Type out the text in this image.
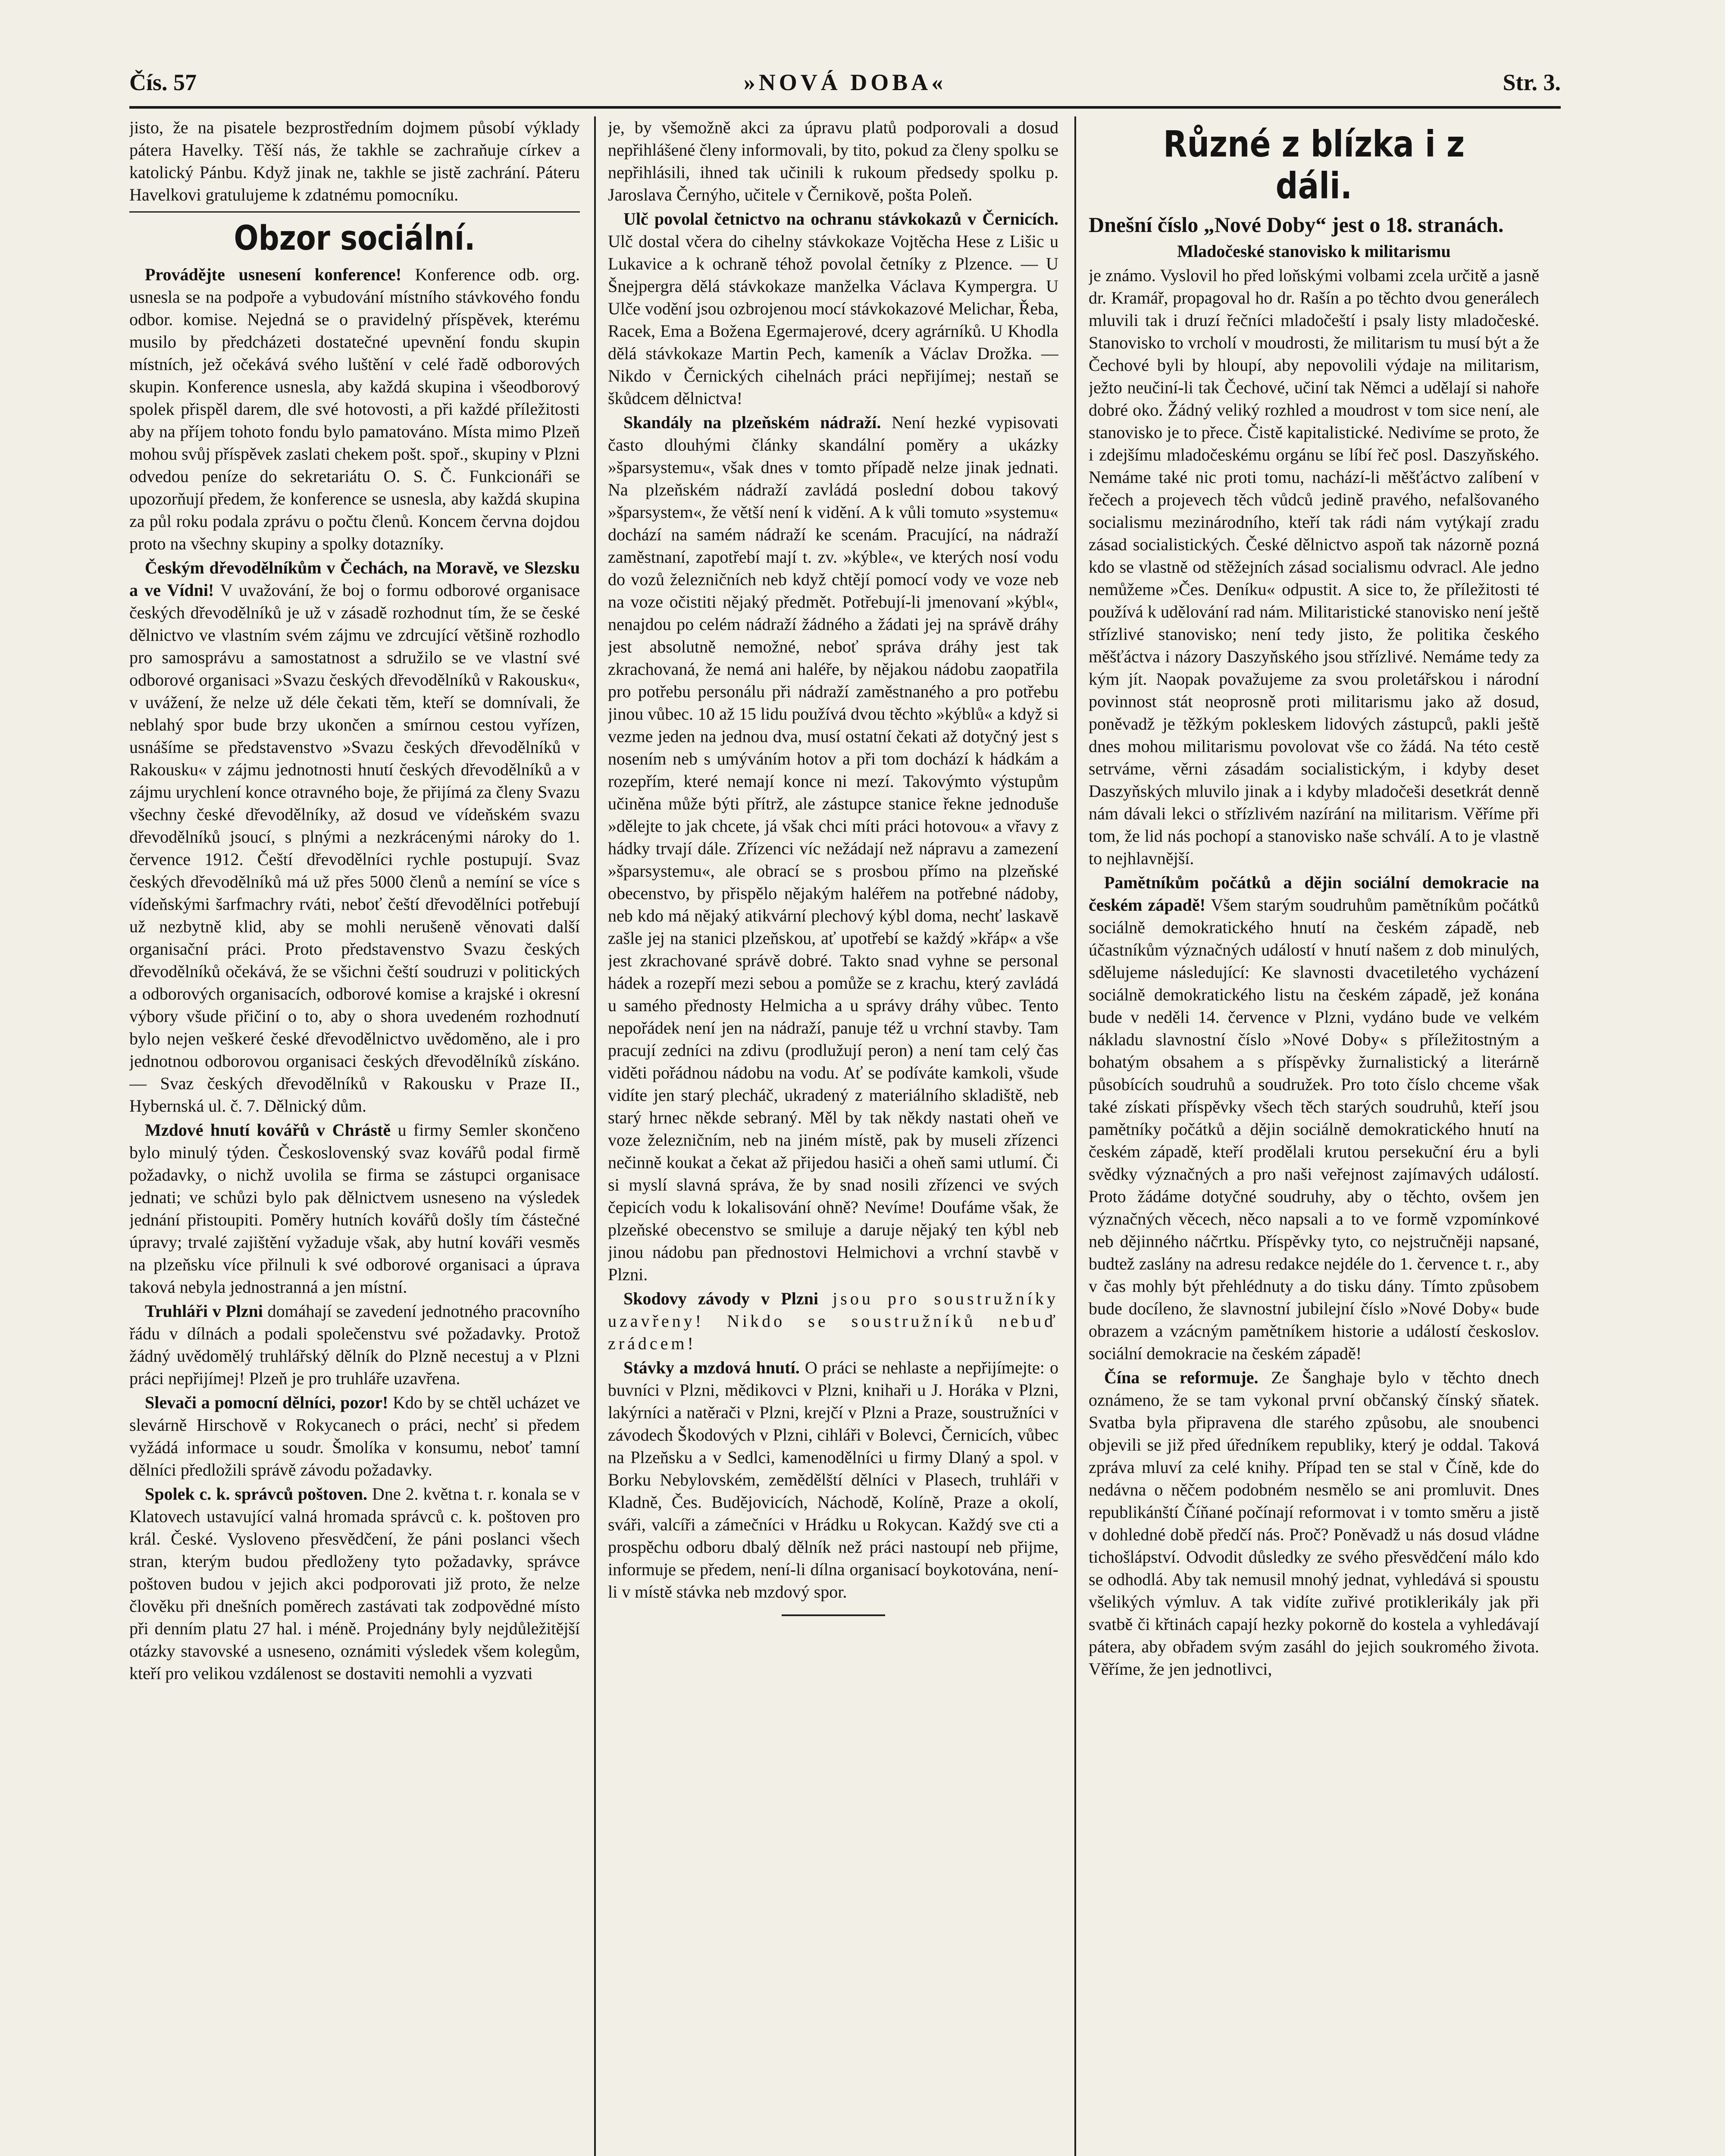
Čís. 57	»NOVÁ DOBA«	Str. 3.

jisto, že na pisatele bezprostředním dojmem působí výklady pátera Havelky. Těší nás, že takhle se zachraňuje církev a katolický Pánbu. Když jinak ne, takhle se jistě zachrání. Páteru Havelkovi gratulujeme k zdatnému pomocníku.

Obzor sociální.

Provádějte usnesení konference! Konference odb. org. usnesla se na podpoře a vybudování místního stávkového fondu odbor. komise. Nejedná se o pravidelný příspěvek, kterému musilo by předcházeti dostatečné upevnění fondu skupin místních, jež očekává svého luštění v celé řadě odborových skupin. Konference usnesla, aby každá skupina i všeodborový spolek přispěl darem, dle své hotovosti, a při každé příležitosti aby na příjem tohoto fondu bylo pamatováno. Místa mimo Plzeň mohou svůj příspěvek zaslati chekem pošt. spoř., skupiny v Plzni odvedou peníze do sekretariátu O. S. Č. Funkcionáři se upozorňují předem, že konference se usnesla, aby každá skupina za půl roku podala zprávu o počtu členů. Koncem června dojdou proto na všechny skupiny a spolky dotazníky.

Českým dřevodělníkům v Čechách, na Moravě, ve Slezsku a ve Vídni! V uvažování, že boj o formu odborové organisace českých dřevodělníků je už v zásadě rozhodnut tím, že se české dělnictvo ve vlastním svém zájmu ve zdrcující většině rozhodlo pro samosprávu a samostatnost a sdružilo se ve vlastní své odborové organisaci »Svazu českých dřevodělníků v Rakousku«, v uvážení, že nelze už déle čekati těm, kteří se domnívali, že neblahý spor bude brzy ukončen a smírnou cestou vyřízen, usnášíme se představenstvo »Svazu českých dřevodělníků v Rakousku« v zájmu jednotnosti hnutí českých dřevodělníků a v zájmu urychlení konce otravného boje, že přijímá za členy Svazu všechny české dřevodělníky, až dosud ve vídeňském svazu dřevodělníků jsoucí, s plnými a nezkrácenými nároky do 1. července 1912. Čeští dřevodělníci rychle postupují. Svaz českých dřevodělníků má už přes 5000 členů a nemíní se více s vídeňskými šarfmachry rváti, neboť čeští dřevodělníci potřebují už nezbytně klid, aby se mohli nerušeně věnovati další organisační práci. Proto představenstvo Svazu českých dřevodělníků očekává, že se všichni čeští soudruzi v politických a odborových organisacích, odborové komise a krajské i okresní výbory všude přičiní o to, aby o shora uvedeném rozhodnutí bylo nejen veškeré české dřevodělnictvo uvědoměno, ale i pro jednotnou odborovou organisaci českých dřevodělníků získáno. — Svaz českých dřevodělníků v Rakousku v Praze II., Hybernská ul. č. 7. Dělnický dům.

Mzdové hnutí kovářů v Chrástě u firmy Semler skončeno bylo minulý týden. Československý svaz kovářů podal firmě požadavky, o nichž uvolila se firma se zástupci organisace jednati; ve schůzi bylo pak dělnictvem usneseno na výsledek jednání přistoupiti. Poměry hutních kovářů došly tím částečné úpravy; trvalé zajištění vyžaduje však, aby hutní kováři vesměs na plzeňsku více přilnuli k své odborové organisaci a úprava taková nebyla jednostranná a jen místní.

Truhláři v Plzni domáhají se zavedení jednotného pracovního řádu v dílnách a podali společenstvu své požadavky. Protož žádný uvědomělý truhlářský dělník do Plzně necestuj a v Plzni práci nepřijímej! Plzeň je pro truhláře uzavřena.

Slevači a pomocní dělníci, pozor! Kdo by se chtěl ucházet ve slevárně Hirschově v Rokycanech o práci, nechť si předem vyžádá informace u soudr. Šmolíka v konsumu, neboť tamní dělníci předložili správě závodu požadavky.

Spolek c. k. správců poštoven. Dne 2. května t. r. konala se v Klatovech ustavující valná hromada správců c. k. poštoven pro král. České. Vysloveno přesvědčení, že páni poslanci všech stran, kterým budou předloženy tyto požadavky, správce poštoven budou v jejich akci podporovati již proto, že nelze člověku při dnešních poměrech zastávati tak zodpovědné místo při denním platu 27 hal. i méně. Projednány byly nejdůležitější otázky stavovské a usneseno, oznámiti výsledek všem kolegům, kteří pro velikou vzdálenost se dostaviti nemohli a vyzvati

je, by všemožně akci za úpravu platů podporovali a dosud nepřihlášené členy informovali, by tito, pokud za členy spolku se nepřihlásili, ihned tak učinili k rukoum předsedy spolku p. Jaroslava Černýho, učitele v Černikově, pošta Poleň.

Ulč povolal četnictvo na ochranu stávkokazů v Černicích. Ulč dostal včera do cihelny stávkokaze Vojtěcha Hese z Lišic u Lukavice a k ochraně téhož povolal četníky z Plzence. — U Šnejpergra dělá stávkokaze manželka Václava Kympergra. U Ulče vodění jsou ozbrojenou mocí stávkokazové Melichar, Řeba, Racek, Ema a Božena Egermajerové, dcery agrárníků. U Khodla dělá stávkokaze Martin Pech, kameník a Václav Drožka. — Nikdo v Černických cihelnách práci nepřijímej; nestaň se škůdcem dělnictva!

Skandály na plzeňském nádraží. Není hezké vypisovati často dlouhými články skandální poměry a ukázky »šparsystemu«, však dnes v tomto případě nelze jinak jednati. Na plzeňském nádraží zavládá poslední dobou takový »šparsystem«, že větší není k vidění. A k vůli tomuto »systemu« dochází na samém nádraží ke scenám. Pracující, na nádraží zaměstnaní, zapotřebí mají t. zv. »kýble«, ve kterých nosí vodu do vozů železničních neb když chtějí pomocí vody ve voze neb na voze očistiti nějaký předmět. Potřebují-li jmenovaní »kýbl«, nenajdou po celém nádraží žádného a žádati jej na správě dráhy jest absolutně nemožné, neboť správa dráhy jest tak zkrachovaná, že nemá ani haléře, by nějakou nádobu zaopatřila pro potřebu personálu při nádraží zaměstnaného a pro potřebu jinou vůbec. 10 až 15 lidu používá dvou těchto »kýblů« a když si vezme jeden na jednou dva, musí ostatní čekati až dotyčný jest s nosením neb s umýváním hotov a při tom dochází k hádkám a rozepřím, které nemají konce ni mezí. Takovýmto výstupům učiněna může býti přítrž, ale zástupce stanice řekne jednoduše »dělejte to jak chcete, já však chci míti práci hotovou« a vřavy z hádky trvají dále. Zřízenci víc nežádají než nápravu a zamezení »šparsystemu«, ale obrací se s prosbou přímo na plzeňské obecenstvo, by přispělo nějakým haléřem na potřebné nádoby, neb kdo má nějaký atikvární plechový kýbl doma, nechť laskavě zašle jej na stanici plzeňskou, ať upotřebí se každý »křáp« a vše jest zkrachované správě dobré. Takto snad vyhne se personal hádek a rozepří mezi sebou a pomůže se z krachu, který zavládá u samého přednosty Helmicha a u správy dráhy vůbec. Tento nepořádek není jen na nádraží, panuje též u vrchní stavby. Tam pracují zedníci na zdivu (prodlužují peron) a není tam celý čas viděti pořádnou nádobu na vodu. Ať se podíváte kamkoli, všude vidíte jen starý plecháč, ukradený z materiálního skladiště, neb starý hrnec někde sebraný. Měl by tak někdy nastati oheň ve voze železničním, neb na jiném místě, pak by museli zřízenci nečinně koukat a čekat až přijedou hasiči a oheň sami utlumí. Či si myslí slavná správa, že by snad nosili zřízenci ve svých čepicích vodu k lokalisování ohně? Nevíme! Doufáme však, že plzeňské obecenstvo se smiluje a daruje nějaký ten kýbl neb jinou nádobu pan přednostovi Helmichovi a vrchní stavbě v Plzni.

Skodovy závody v Plzni jsou pro soustružníky uzavřeny! Nikdo se soustružníků nebuď zrádcem!

Stávky a mzdová hnutí. O práci se nehlaste a nepřijímejte: o buvníci v Plzni, mědikovci v Plzni, knihaři u J. Horáka v Plzni, lakýrníci a natěrači v Plzni, krejčí v Plzni a Praze, soustružníci v závodech Škodových v Plzni, cihláři v Bolevci, Černicích, vůbec na Plzeňsku a v Sedlci, kamenodělníci u firmy Dlaný a spol. v Borku Nebylovském, zemědělští dělníci v Plasech, truhláři v Kladně, Čes. Budějovicích, Náchodě, Kolíně, Praze a okolí, sváři, valcíři a zámečníci v Hrádku u Rokycan. Každý sve cti a prospěchu odboru dbalý dělník než práci nastoupí neb přijme, informuje se předem, není-li dílna organisací boykotována, není-li v místě stávka neb mzdový spor.

Různé z blízka i z dáli.

Dnešní číslo „Nové Doby“ jest o 18. stranách.

Mladočeské stanovisko k militarismu

je známo. Vyslovil ho před loňskými volbami zcela určitě a jasně dr. Kramář, propagoval ho dr. Rašín a po těchto dvou generálech mluvili tak i druzí řečníci mladočeští i psaly listy mladočeské. Stanovisko to vrcholí v moudrosti, že militarism tu musí být a že Čechové byli by hloupí, aby nepovolili výdaje na militarism, ježto neučiní-li tak Čechové, učiní tak Němci a udělají si nahoře dobré oko. Žádný veliký rozhled a moudrost v tom sice není, ale stanovisko je to přece. Čistě kapitalistické. Nedivíme se proto, že i zdejšímu mladočeskému orgánu se líbí řeč posl. Daszyňského. Nemáme také nic proti tomu, nachází-li měšťáctvo zalíbení v řečech a projevech těch vůdců jedině pravého, nefalšovaného socialismu mezinárodního, kteří tak rádi nám vytýkají zradu zásad socialistických. České dělnictvo aspoň tak názorně pozná kdo se vlastně od stěžejních zásad socialismu odvracl. Ale jedno nemůžeme »Čes. Deníku« odpustit. A sice to, že příležitosti té používá k udělování rad nám. Militaristické stanovisko není ještě střízlivé stanovisko; není tedy jisto, že politika českého měšťáctva i názory Daszyňského jsou střízlivé. Nemáme tedy za kým jít. Naopak považujeme za svou proletářskou i národní povinnost stát neoprosně proti militarismu jako až dosud, poněvadž je těžkým pokleskem lidových zástupců, pakli ještě dnes mohou militarismu povolovat vše co žádá. Na této cestě setrváme, věrni zásadám socialistickým, i kdyby deset Daszyňských mluvilo jinak a i kdyby mladočeši desetkrát denně nám dávali lekci o střízlivém nazírání na militarism. Věříme při tom, že lid nás pochopí a stanovisko naše schválí. A to je vlastně to nejhlavnější.

Pamětníkům počátků a dějin sociální demokracie na českém západě! Všem starým soudruhům pamětníkům počátků sociálně demokratického hnutí na českém západě, neb účastníkům význačných událostí v hnutí našem z dob minulých, sdělujeme následující: Ke slavnosti dvacetiletého vycházení sociálně demokratického listu na českém západě, jež konána bude v neděli 14. července v Plzni, vydáno bude ve velkém nákladu slavnostní číslo »Nové Doby« s příležitostným a bohatým obsahem a s příspěvky žurnalistický a literárně působících soudruhů a soudružek. Pro toto číslo chceme však také získati příspěvky všech těch starých soudruhů, kteří jsou pamětníky počátků a dějin sociálně demokratického hnutí na českém západě, kteří prodělali krutou persekuční éru a byli svědky význačných a pro naši veřejnost zajímavých událostí. Proto žádáme dotyčné soudruhy, aby o těchto, ovšem jen význačných věcech, něco napsali a to ve formě vzpomínkové neb dějinného náčrtku. Příspěvky tyto, co nejstručněji napsané, budtež zaslány na adresu redakce nejdéle do 1. července t. r., aby v čas mohly být přehlédnuty a do tisku dány. Tímto způsobem bude docíleno, že slavnostní jubilejní číslo »Nové Doby« bude obrazem a vzácným pamětníkem historie a událostí českoslov. sociální demokracie na českém západě!

Čína se reformuje. Ze Šanghaje bylo v těchto dnech oznámeno, že se tam vykonal první občanský čínský sňatek. Svatba byla připravena dle starého způsobu, ale snoubenci objevili se již před úředníkem republiky, který je oddal. Taková zpráva mluví za celé knihy. Případ ten se stal v Číně, kde do nedávna o něčem podobném nesmělo se ani promluvit. Dnes republikánští Číňané počínají reformovat i v tomto směru a jistě v dohledné době předčí nás. Proč? Poněvadž u nás dosud vládne tichošlápství. Odvodit důsledky ze svého přesvědčení málo kdo se odhodlá. Aby tak nemusil mnohý jednat, vyhledává si spoustu všelikých výmluv. A tak vidíte zuřivé protiklerikály jak při svatbě či křtinách capají hezky pokorně do kostela a vyhledávají pátera, aby obřadem svým zasáhl do jejich soukromého života. Věříme, že jen jednotlivci,
